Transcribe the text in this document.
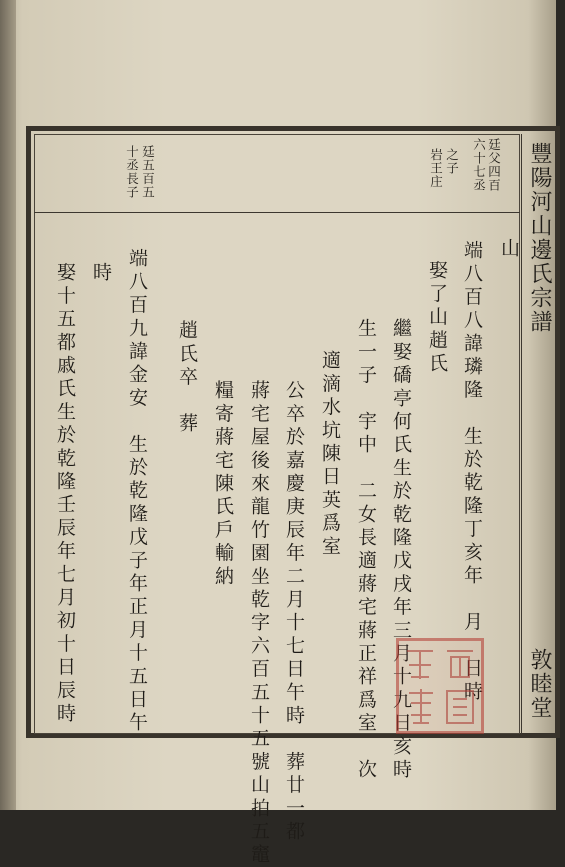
豐陽河山邊氏宗譜
敦睦堂
廷父四百
六十七丞
之子
岩王庄
廷五百五
十丞長子
山
端八百八諱璘隆　生於乾隆丁亥年　月　日時
娶了山趙氏
繼娶礄亭何氏生於乾隆戊戌年三月十九日亥時
生一子　宇中　二女長適蔣宅蔣正祥爲室　次
適滴水坑陳日英爲室
公卒於嘉慶庚辰年二月十七日午時　葬廿一都
蔣宅屋後來龍竹園坐乾字六百五十五號山拍五竈
糧寄蔣宅陳氏戶輸納
趙氏卒　葬
端八百九諱金安　生於乾隆戊子年正月十五日午
時
娶十五都戚氏生於乾隆壬辰年七月初十日辰時
